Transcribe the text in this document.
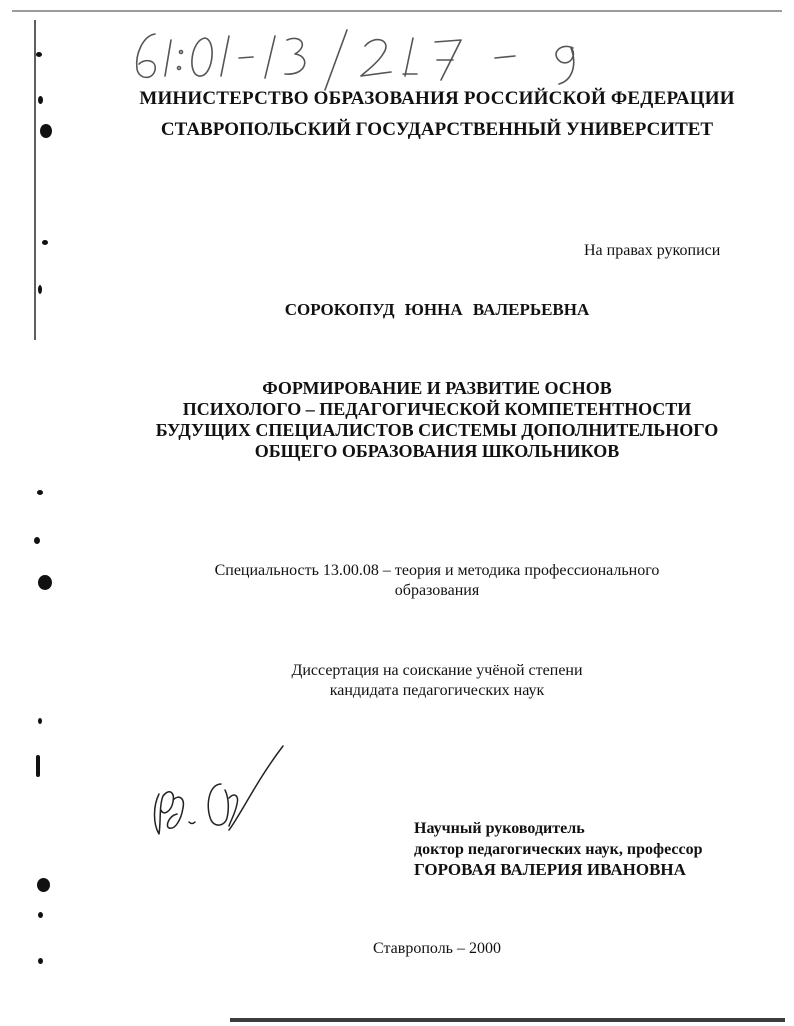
МИНИСТЕРСТВО ОБРАЗОВАНИЯ РОССИЙСКОЙ ФЕДЕРАЦИИ
СТАВРОПОЛЬСКИЙ ГОСУДАРСТВЕННЫЙ УНИВЕРСИТЕТ
На правах рукописи
СОРОКОПУД ЮННА ВАЛЕРЬЕВНА
ФОРМИРОВАНИЕ И РАЗВИТИЕ ОСНОВ
ПСИХОЛОГО – ПЕДАГОГИЧЕСКОЙ КОМПЕТЕНТНОСТИ
БУДУЩИХ СПЕЦИАЛИСТОВ СИСТЕМЫ ДОПОЛНИТЕЛЬНОГО
ОБЩЕГО ОБРАЗОВАНИЯ ШКОЛЬНИКОВ
Специальность 13.00.08 – теория и методика профессионального
образования
Диссертация на соискание учёной степени
кандидата педагогических наук
Научный руководитель
доктор педагогических наук, профессор
ГОРОВАЯ ВАЛЕРИЯ ИВАНОВНА
Ставрополь – 2000
